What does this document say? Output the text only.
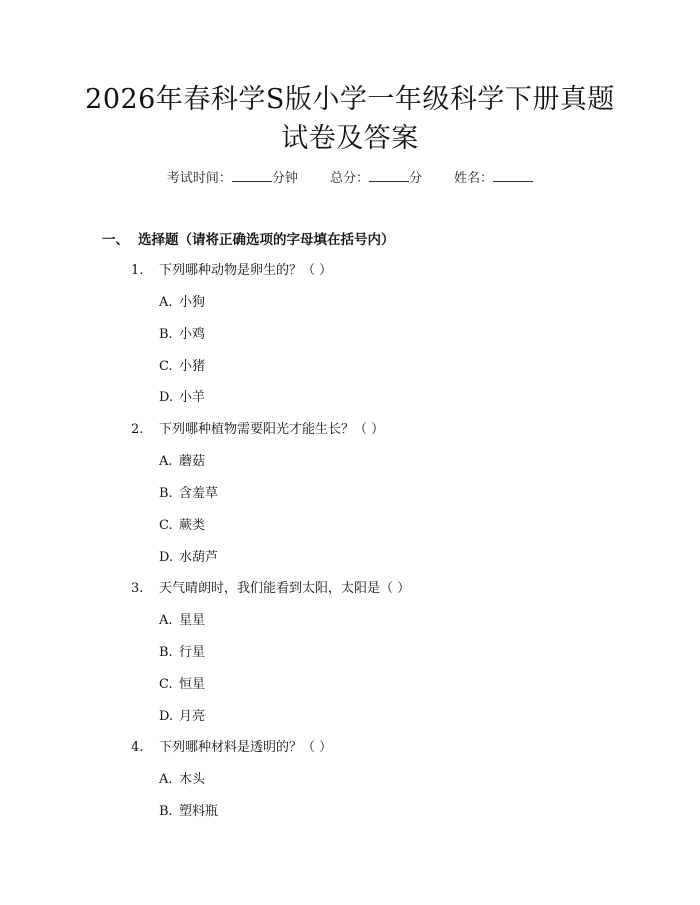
2026年春科学S版小学一年级科学下册真题
试卷及答案
考试时间：	分钟 总分：	分 姓名：
一、 选择题（请将正确选项的字母填在括号内）
1. 下列哪种动物是卵生的？（ ）
A. 小狗
B. 小鸡
C. 小猪
D. 小羊
2. 下列哪种植物需要阳光才能生长？（ ）
A. 蘑菇
B. 含羞草
C. 蕨类
D. 水葫芦
3. 天气晴朗时，我们能看到太阳，太阳是（ ）
A. 星星
B. 行星
C. 恒星
D. 月亮
4. 下列哪种材料是透明的？（ ）
A. 木头
B. 塑料瓶
